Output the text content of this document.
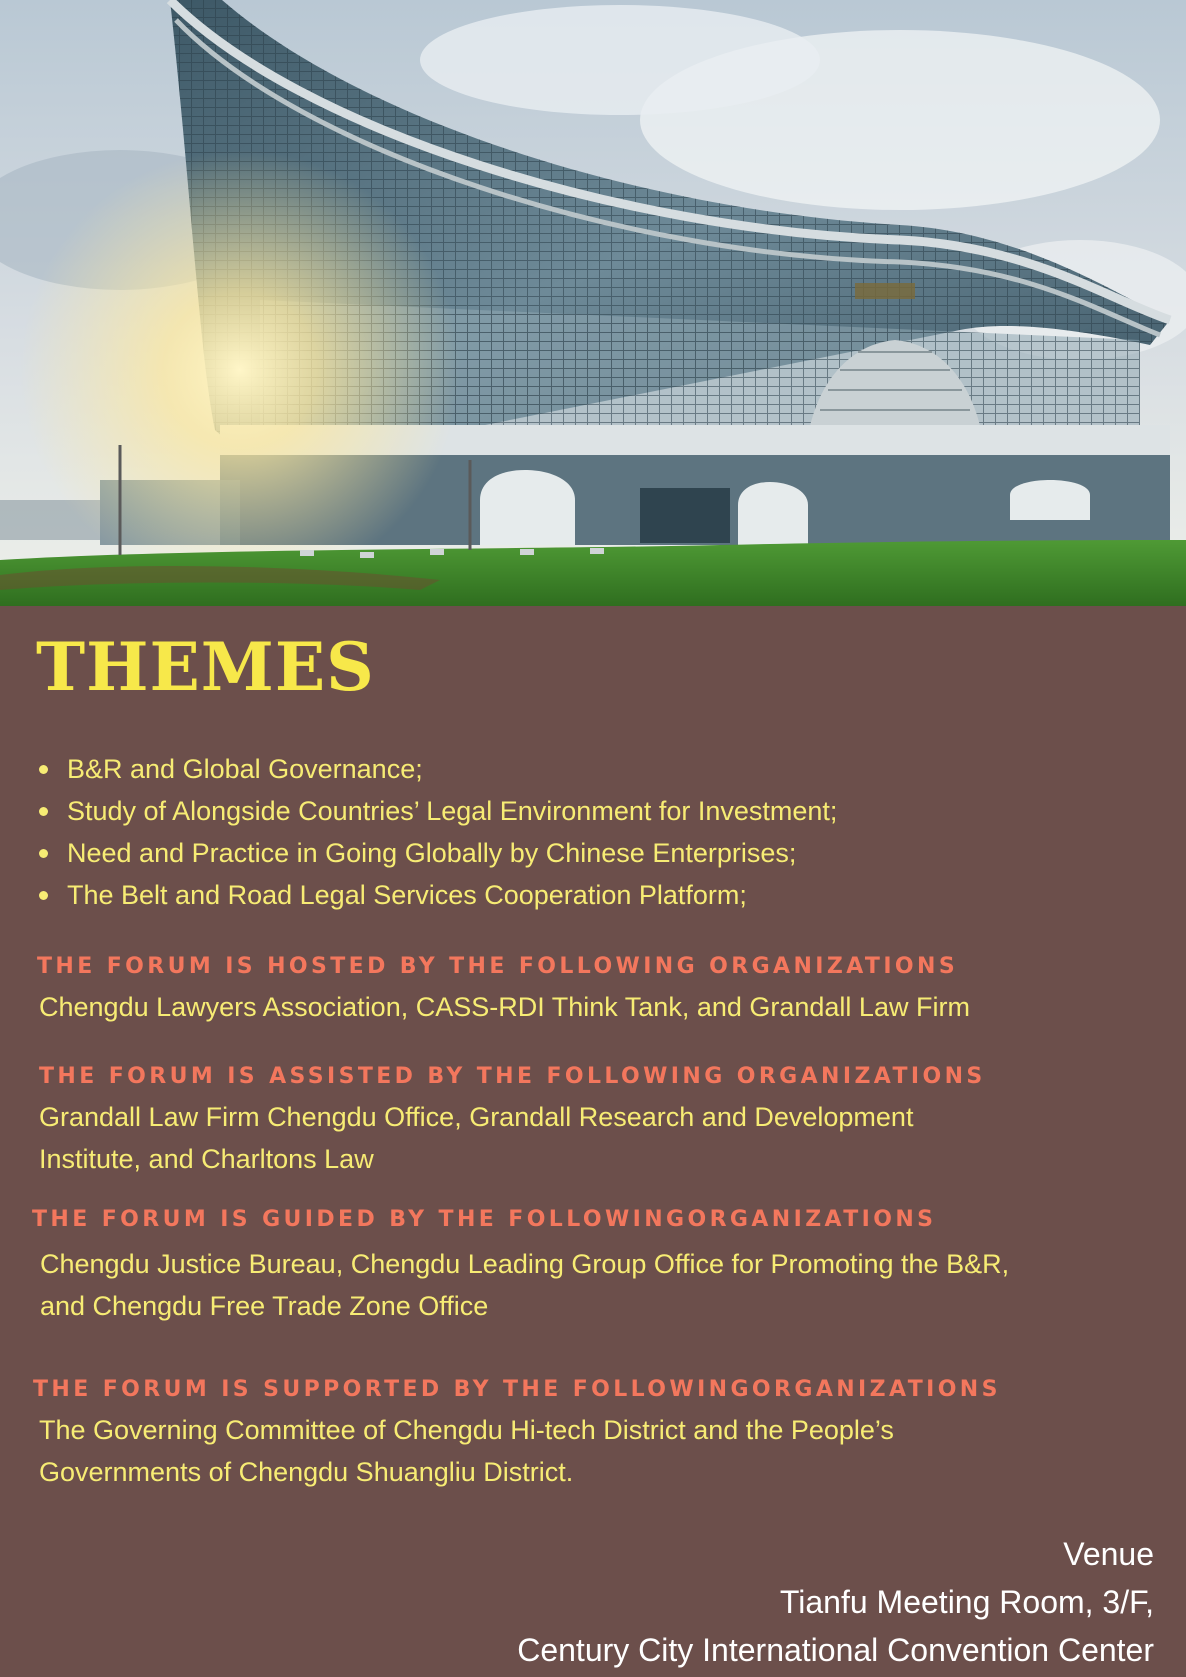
THEMES
B&R and Global Governance;
Study of Alongside Countries’ Legal Environment for Investment;
Need and Practice in Going Globally by Chinese Enterprises;
The Belt and Road Legal Services Cooperation Platform;
THE FORUM IS HOSTED BY THE FOLLOWING ORGANIZATIONS
Chengdu Lawyers Association, CASS-RDI Think Tank, and Grandall Law Firm
THE FORUM IS ASSISTED BY THE FOLLOWING ORGANIZATIONS
Grandall Law Firm Chengdu Office, Grandall Research and Development
Institute, and Charltons Law
THE FORUM IS GUIDED BY THE FOLLOWINGORGANIZATIONS
Chengdu Justice Bureau, Chengdu Leading Group Office for Promoting the B&R,
and Chengdu Free Trade Zone Office
THE FORUM IS SUPPORTED BY THE FOLLOWINGORGANIZATIONS
The Governing Committee of Chengdu Hi-tech District and the People’s
Governments of Chengdu Shuangliu District.
Venue
Tianfu Meeting Room, 3/F,
Century City International Convention Center
